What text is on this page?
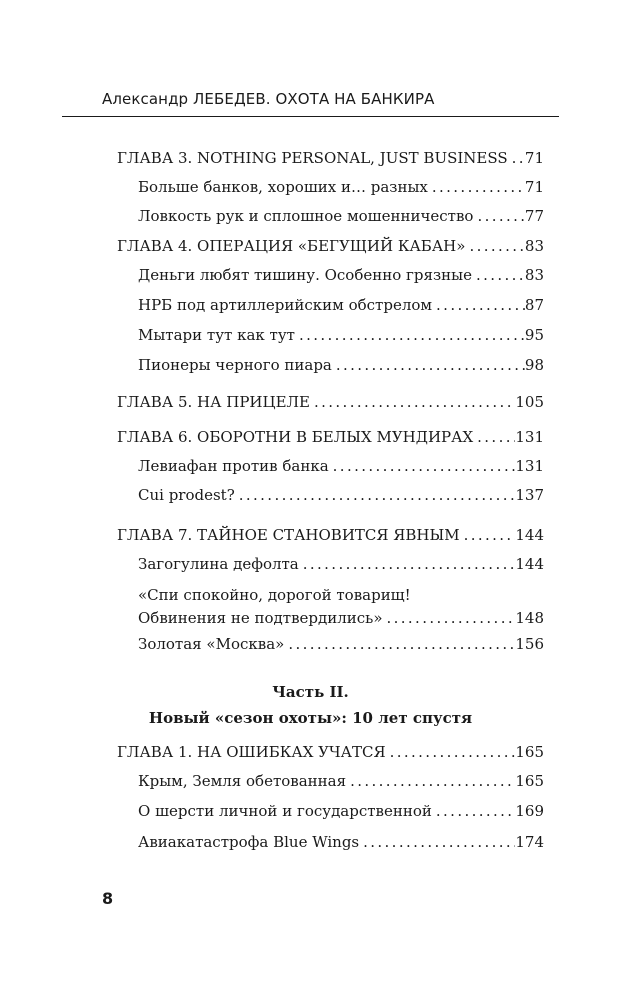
Александр ЛЕБЕДЕВ. ОХОТА НА БАНКИРА
ГЛАВА 3. NOTHING PERSONAL, JUST BUSINESS . . . 71
Больше банков, хороших и… разных . . .	71
Ловкость рук и сплошное мошенничество . . .	77
ГЛАВА 4. ОПЕРАЦИЯ «БЕГУЩИЙ КАБАН» . . .	83
Деньги любят тишину. Особенно грязные . . .	83
НРБ под артиллерийским обстрелом . . .	87
Мытари тут как тут . . .	95
Пионеры черного пиара . . .	98
ГЛАВА 5. НА ПРИЦЕЛЕ . . .	105
ГЛАВА 6. ОБОРОТНИ В БЕЛЫХ МУНДИРАХ . . .	131
Левиафан против банка . . .	131
Cui prodest? . . .	137
ГЛАВА 7. ТАЙНОЕ СТАНОВИТСЯ ЯВНЫМ . . .	144
Загогулина дефолта . . .	144
«Спи спокойно, дорогой товарищ!
Обвинения не подтвердились» . . .	148
Золотая «Москва» . . .	156
Часть II.
Новый «сезон охоты»: 10 лет спустя
ГЛАВА 1. НА ОШИБКАХ УЧАТСЯ . . .	165
Крым, Земля обетованная . . .	165
О шерсти личной и государственной . . .	169
Авиакатастрофа Blue Wings . . .	174
8
